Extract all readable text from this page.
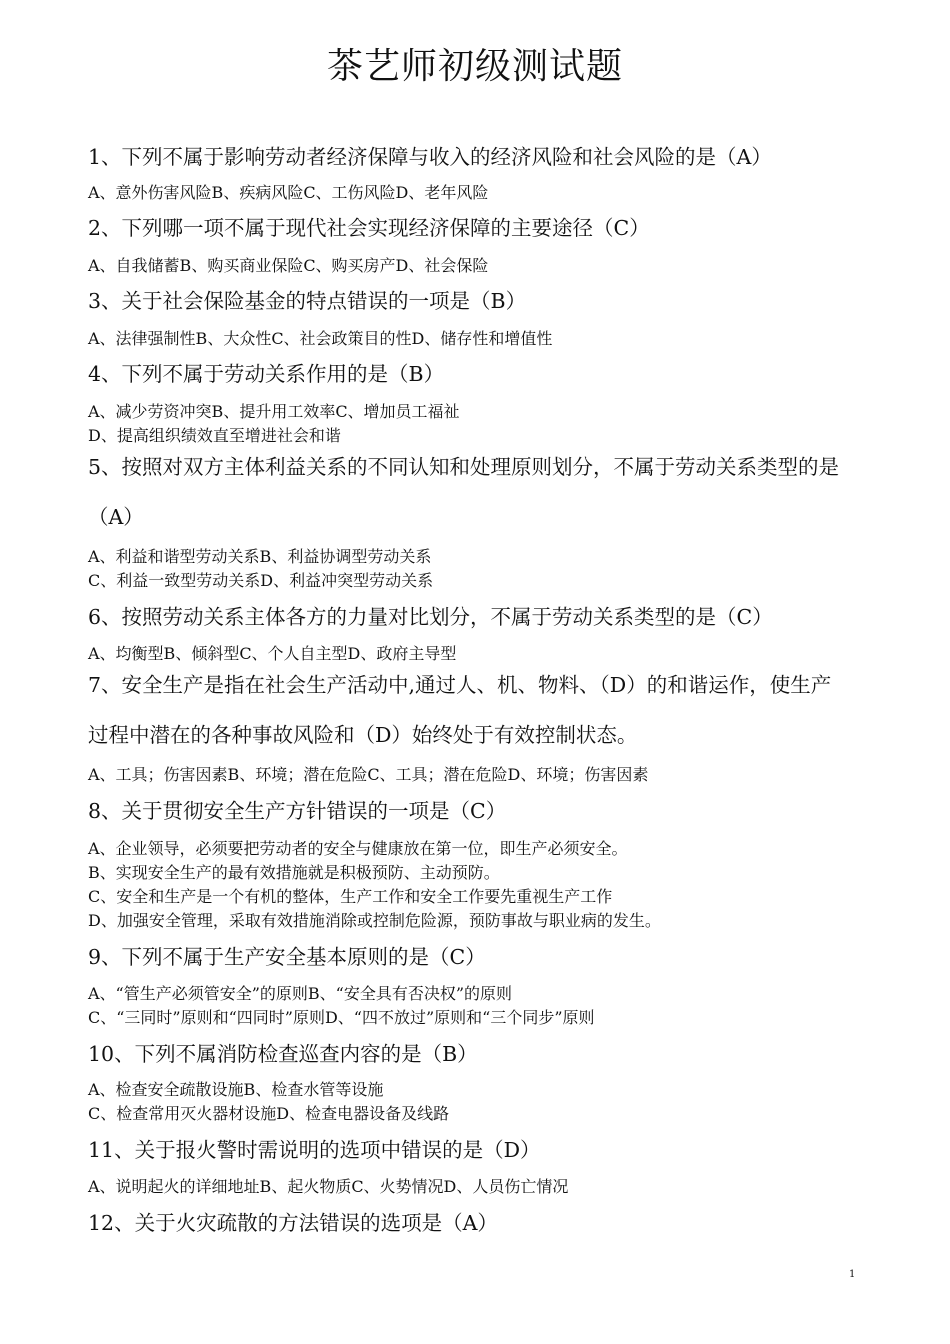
茶艺师初级测试题
1、下列不属于影响劳动者经济保障与收入的经济风险和社会风险的是（A）
A、意外伤害风险B、疾病风险C、工伤风险D、老年风险
2、下列哪一项不属于现代社会实现经济保障的主要途径（C）
A、自我储蓄B、购买商业保险C、购买房产D、社会保险
3、关于社会保险基金的特点错误的一项是（B）
A、法律强制性B、大众性C、社会政策目的性D、储存性和增值性
4、下列不属于劳动关系作用的是（B）
A、减少劳资冲突B、提升用工效率C、增加员工福祉
D、提高组织绩效直至增进社会和谐
5、按照对双方主体利益关系的不同认知和处理原则划分，不属于劳动关系类型的是（A）
A、利益和谐型劳动关系B、利益协调型劳动关系
C、利益一致型劳动关系D、利益冲突型劳动关系
6、按照劳动关系主体各方的力量对比划分，不属于劳动关系类型的是（C）
A、均衡型B、倾斜型C、个人自主型D、政府主导型
7、安全生产是指在社会生产活动中,通过人、机、物料、（D）的和谐运作，使生产过程中潜在的各种事故风险和（D）始终处于有效控制状态。
A、工具；伤害因素B、环境；潜在危险C、工具；潜在危险D、环境；伤害因素
8、关于贯彻安全生产方针错误的一项是（C）
A、企业领导，必须要把劳动者的安全与健康放在第一位，即生产必须安全。
B、实现安全生产的最有效措施就是积极预防、主动预防。
C、安全和生产是一个有机的整体，生产工作和安全工作要先重视生产工作
D、加强安全管理，采取有效措施消除或控制危险源，预防事故与职业病的发生。
9、下列不属于生产安全基本原则的是（C）
A、“管生产必须管安全”的原则B、“安全具有否决权”的原则
C、“三同时”原则和“四同时”原则D、“四不放过”原则和“三个同步”原则
10、下列不属消防检查巡查内容的是（B）
A、检查安全疏散设施B、检查水管等设施
C、检查常用灭火器材设施D、检查电器设备及线路
11、关于报火警时需说明的选项中错误的是（D）
A、说明起火的详细地址B、起火物质C、火势情况D、人员伤亡情况
12、关于火灾疏散的方法错误的选项是（A）
1
